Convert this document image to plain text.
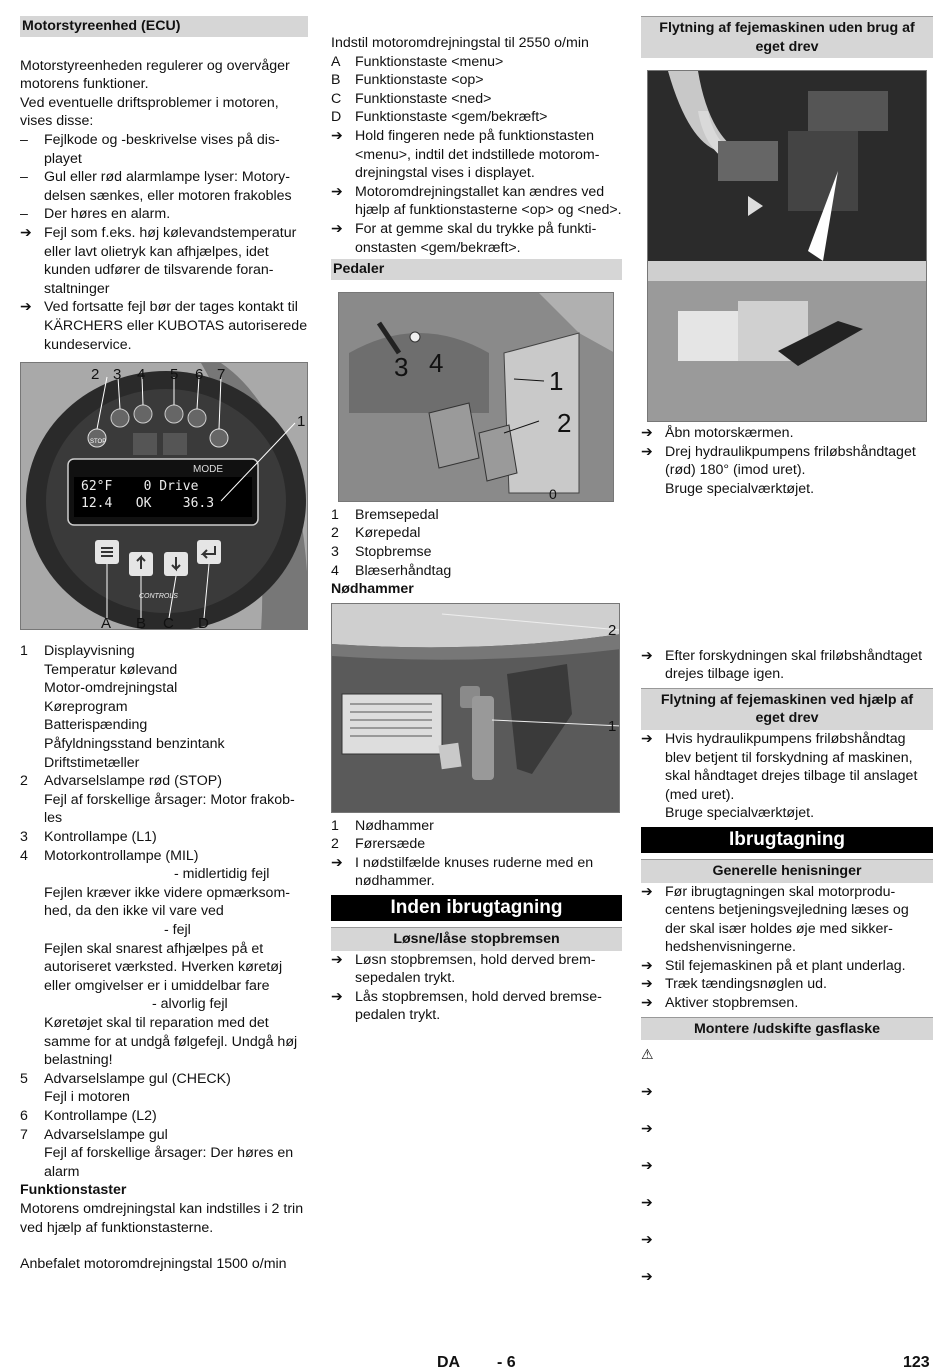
Motorstyreenhed (ECU)

Motorstyreenheden regulerer og overvåger motorens funktioner.

Ved eventuelle driftsproblemer i motoren, vises disse:

–	Fejlkode og -beskrivelse vises på displayet
–	Gul eller rød alarmlampe lyser: Motorydelsen sænkes, eller motoren frakobles
–	Der høres en alarm.
➔ Fejl som f.eks. høj kølevandstemperatur eller lavt olietryk kan afhjælpes, idet kunden udfører de tilsvarende foranstaltninger
➔ Ved fortsatte fejl bør der tages kontakt til KÄRCHERS eller KUBOTAS autoriserede kundeservice.
2 3 4 5 6 7
1
A B C D
STOP
MODE
62°F    0 Drive
12.4   OK    36.3
CONTROLS
1	Displayvisning
Temperatur kølevand
Motor-omdrejningstal
Køreprogram
Batterispænding
Påfyldningsstand benzintank
Driftstimetæller
2	Advarselslampe rød (STOP)
Fejl af forskellige årsager: Motor frakobles
3	Kontrollampe (L1)
4	Motorkontrollampe (MIL)
- midlertidig fejl
Fejlen kræver ikke videre opmærksomhed, da den ikke vil vare ved
- fejl
Fejlen skal snarest afhjælpes på et autoriseret værksted. Hverken køretøj eller omgivelser er i umiddelbar fare
- alvorlig fejl
Køretøjet skal til reparation med det samme for at undgå følgefejl. Undgå høj belastning!
5	Advarselslampe gul (CHECK)
Fejl i motoren
6	Kontrollampe (L2)
7	Advarselslampe gul
Fejl af forskellige årsager: Der høres en alarm
Funktionstaster

Motorens omdrejningstal kan indstilles i 2 trin ved hjælp af funktionstasterne.

Anbefalet motoromdrejningstal 1500 o/min

Indstil motoromdrejningstal til 2550 o/min

A	Funktionstaste <menu>
B	Funktionstaste <op>
C Funktionstaste <ned>
D Funktionstaste <gem/bekræft>
➔ Hold fingeren nede på funktionstasten <menu>, indtil det indstillede motoromdrejningstal vises i displayet.
➔ Motoromdrejningstallet kan ændres ved hjælp af funktionstasterne <op> og <ned>.
➔ For at gemme skal du trykke på funktionstasten <gem/bekræft>.
Pedaler
3 4
1
2
0
1	Bremsepedal
2	Kørepedal
3	Stopbremse
4	Blæserhåndtag
Nødhammer
2
1
1	Nødhammer
2	Førersæde
➔ I nødstilfælde knuses ruderne med en nødhammer.
Inden ibrugtagning
Løsne/låse stopbremsen
➔ Løsn stopbremsen, hold derved bremsepedalen trykt.
➔ Lås stopbremsen, hold derved bremsepedalen trykt.
Flytning af fejemaskinen uden brug af eget drev
➔ Åbn motorskærmen.
➔ Drej hydraulikpumpens friløbshåndtaget (rød) 180° (imod uret).
Bruge specialværktøjet.
➔ Efter forskydningen skal friløbshåndtaget drejes tilbage igen.
Flytning af fejemaskinen ved hjælp af eget drev
➔ Hvis hydraulikpumpens friløbshåndtag blev betjent til forskydning af maskinen, skal håndtaget drejes tilbage til anslaget (med uret).
Bruge specialværktøjet.
Ibrugtagning
Generelle henisninger
➔ Før ibrugtagningen skal motorproducentens betjeningsvejledning læses og der skal især holdes øje med sikkerhedshenvisningerne.
➔ Stil fejemaskinen på et plant underlag.
➔ Træk tændingsnøglen ud.
➔ Aktiver stopbremsen.
Montere /udskifte gasflaske
⚠
➔
➔
➔
➔
➔
➔
DA - 6	123
